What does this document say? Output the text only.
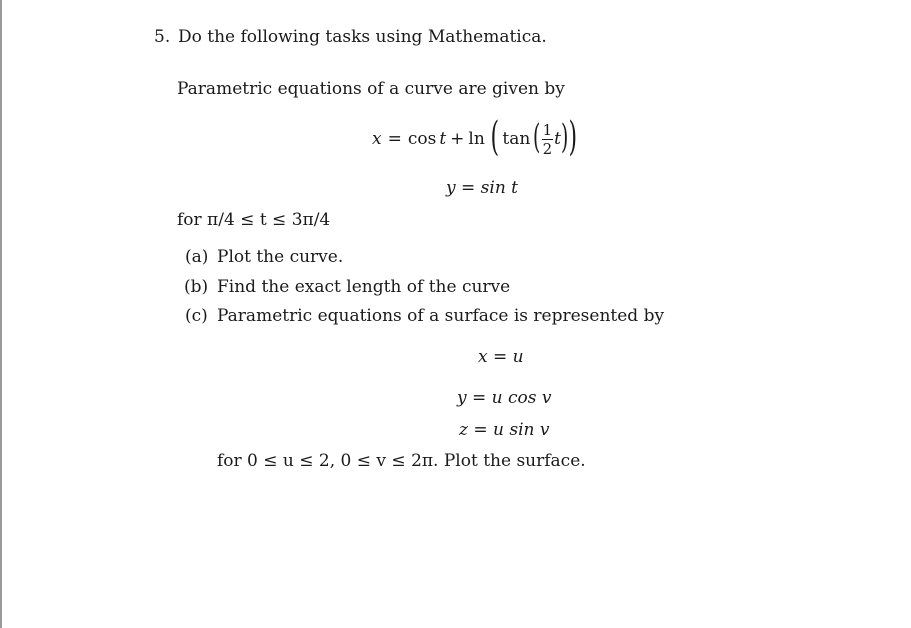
5. Do the following tasks using Mathematica.
Parametric equations of a curve are given by
x = cos t + ln ( tan ( $\frac{1}{2}$ t ) )
y = sin t
for π/4 ≤ t ≤ 3π/4
(a) Plot the curve.
(b) Find the exact length of the curve
(c) Parametric equations of a surface is represented by
x = u
y = u cos v
z = u sin v
for 0 ≤ u ≤ 2, 0 ≤ v ≤ 2π. Plot the surface.
